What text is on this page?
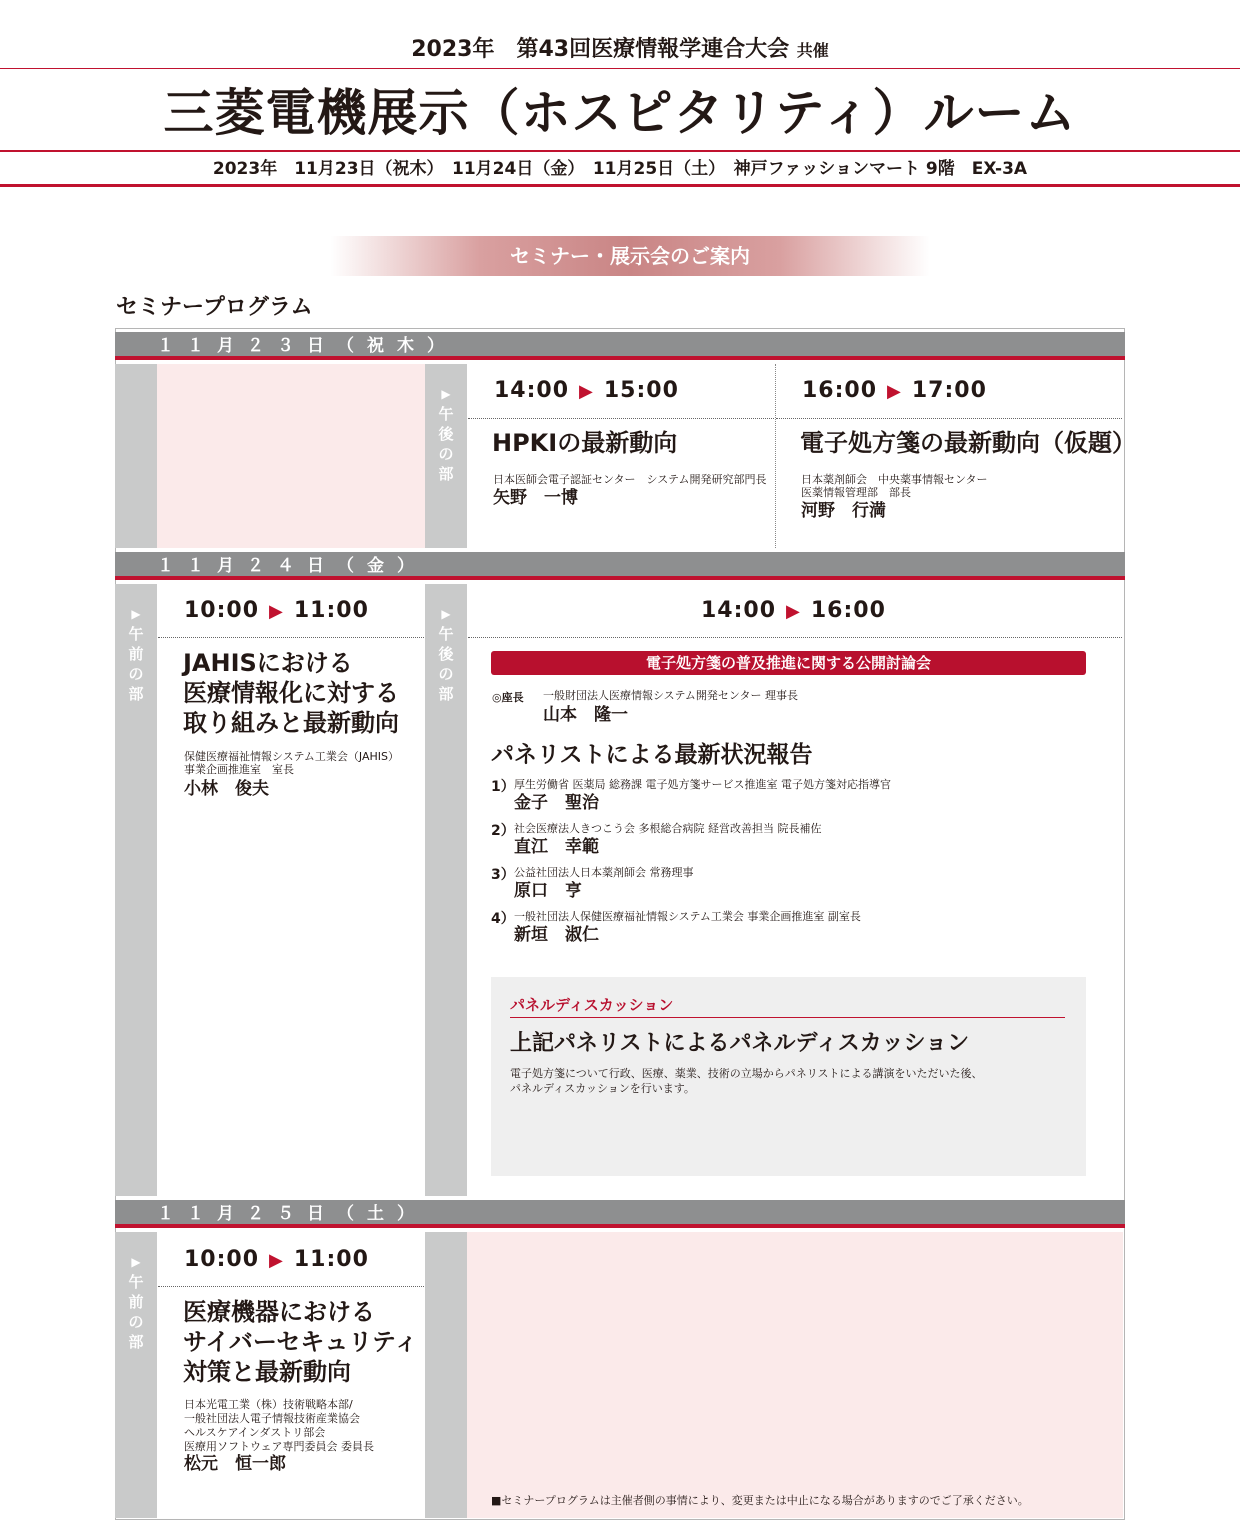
2023年　第43回医療情報学連合大会 共催
三菱電機展示（ホスピタリティ）ルーム
2023年　11月23日（祝木）　11月24日（金）　11月25日（土）　神戸ファッションマート 9階　EX-3A
セミナー・展示会のご案内
セミナープログラム
１１月２３日（祝木）
▶
午
後
の
部
14:00 ▶ 15:00
HPKIの最新動向
日本医師会電子認証センター　システム開発研究部門長
矢野　一博
16:00 ▶ 17:00
電子処方箋の最新動向（仮題）
日本薬剤師会　中央薬事情報センター
医薬情報管理部　部長
河野　行満
１１月２４日（金）
▶
午
前
の
部
▶
午
後
の
部
10:00 ▶ 11:00
JAHISにおける
医療情報化に対する
取り組みと最新動向
保健医療福祉情報システム工業会（JAHIS）
事業企画推進室　室長
小林　俊夫
14:00 ▶ 16:00
電子処方箋の普及推進に関する公開討論会
◎座長 一般財団法人医療情報システム開発センター 理事長
山本　隆一
パネリストによる最新状況報告
1） 厚生労働省 医薬局 総務課 電子処方箋サービス推進室 電子処方箋対応指導官
金子　聖治
2） 社会医療法人きつこう会 多根総合病院 経営改善担当 院長補佐
直江　幸範
3） 公益社団法人日本薬剤師会 常務理事
原口　亨
4） 一般社団法人保健医療福祉情報システム工業会 事業企画推進室 副室長
新垣　淑仁
パネルディスカッション
上記パネリストによるパネルディスカッション
電子処方箋について行政、医療、薬業、技術の立場からパネリストによる講演をいただいた後、
パネルディスカッションを行います。
１１月２５日（土）
▶
午
前
の
部
10:00 ▶ 11:00
医療機器における
サイバーセキュリティ
対策と最新動向
日本光電工業（株）技術戦略本部/
一般社団法人電子情報技術産業協会
ヘルスケアインダストリ部会
医療用ソフトウェア専門委員会 委員長
松元　恒一郎
■セミナープログラムは主催者側の事情により、変更または中止になる場合がありますのでご了承ください。
